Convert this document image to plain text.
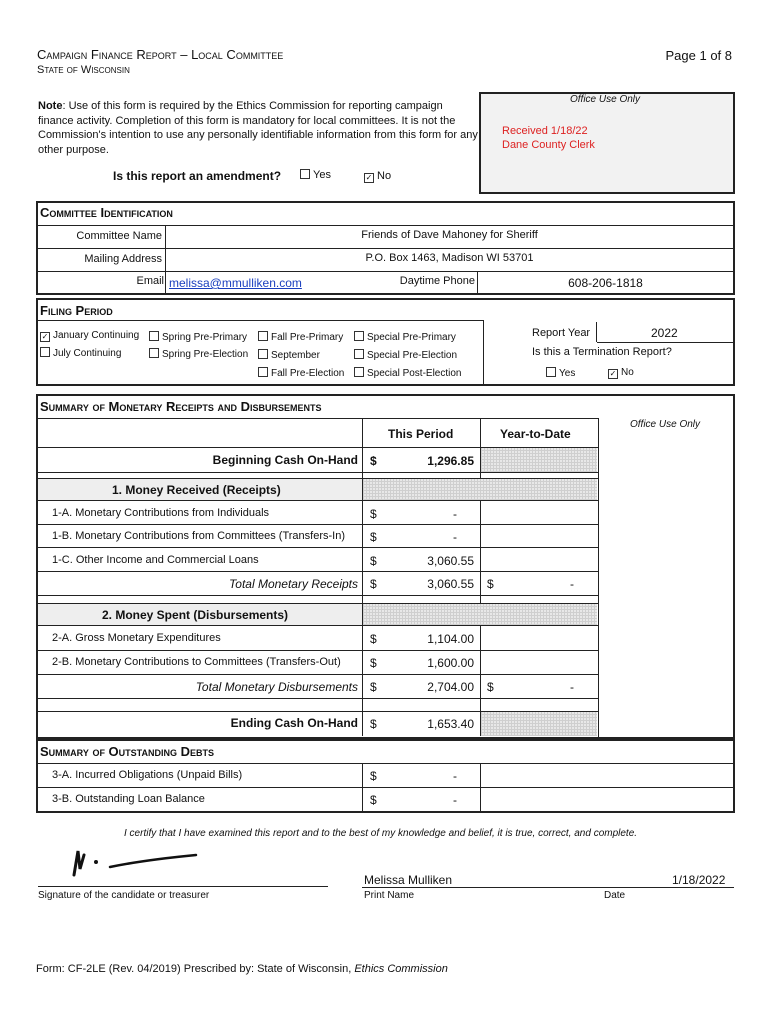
Campaign Finance Report – Local Committee
State of Wisconsin
Page 1 of 8
Note: Use of this form is required by the Ethics Commission for reporting campaign finance activity. Completion of this form is mandatory for local committees. It is not the Commission's intention to use any personally identifiable information from this form for any other purpose.
Office Use Only
Received 1/18/22
Dane County Clerk
Is this report an amendment?	Yes	✓ No
Committee Identification
Committee Name	Friends of Dave Mahoney for Sheriff
Mailing Address	P.O. Box 1463, Madison WI 53701
Email melissa@mmulliken.com	Daytime Phone	608-206-1818
Filing Period
✓ January Continuing
July Continuing
Spring Pre-Primary
Spring Pre-Election
Fall Pre-Primary
September
Fall Pre-Election
Special Pre-Primary
Special Pre-Election
Special Post-Election
Report Year	2022
Is this a Termination Report?
Yes	✓ No
Summary of Monetary Receipts and Disbursements
Office Use Only
This Period	Year-to-Date
Beginning Cash On-Hand $	1,296.85
1. Money Received (Receipts)
1-A. Monetary Contributions from Individuals	$	-
1-B. Monetary Contributions from Committees (Transfers-In) $	-
1-C. Other Income and Commercial Loans	$	3,060.55
Total Monetary Receipts $	3,060.55 $	-
2. Money Spent (Disbursements)
2-A. Gross Monetary Expenditures	$	1,104.00
2-B. Monetary Contributions to Committees (Transfers-Out) $	1,600.00
Total Monetary Disbursements $	2,704.00 $	-
Ending Cash On-Hand $	1,653.40
Summary of Outstanding Debts
3-A. Incurred Obligations (Unpaid Bills)	$	-
3-B. Outstanding Loan Balance	$	-
I certify that I have examined this report and to the best of my knowledge and belief, it is true, correct, and complete.
Signature of the candidate or treasurer
Melissa Mulliken
Print Name
1/18/2022
Date
Form: CF-2LE (Rev. 04/2019) Prescribed by: State of Wisconsin, Ethics Commission
